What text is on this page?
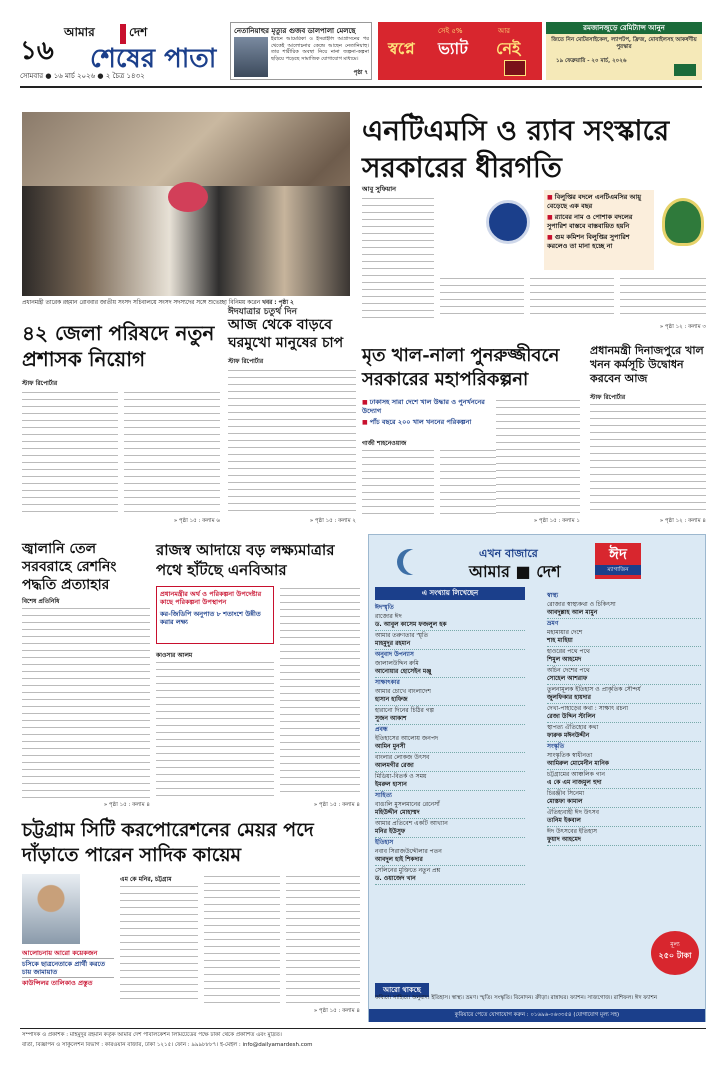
১৬
আমার	দেশ
শেষের পাতা
সোমবার ● ১৬ মার্চ ২০২৬ ● ২ চৈত্র ১৪৩২
নেতানিয়াহুর মৃত্যুর গুজব ডালপালা মেলছে
ইরানে আমেরিকা ও ইসরাইলি আগ্রাসনের পর থেকেই আলোচনার কেন্দ্রে আছেন নেতানিয়াহু। তার শারীরিক অবস্থা নিয়ে নানা জল্পনা-কল্পনা ছড়িয়ে পড়েছে সামাজিক যোগাযোগ মাধ্যমে।
পৃষ্ঠা ৭
সেই ৫%	আর
স্বপ্নে ভ্যাট নেই
রমজানজুড়ে রেমিট্যান্স আনুন
জিতে নিন মোটরসাইকেল, ল্যাপটপ, ফ্রিজ, মোবাইলসহ আকর্ষণীয় পুরস্কার
১৯ ফেব্রুয়ারি - ২০ মার্চ, ২০২৬
প্রধানমন্ত্রী তারেক রহমান রোববার জাতীয় সংসদ সচিবালয়ে সংসদ সদস্যদের সঙ্গে শুভেচ্ছা বিনিময় করেন খবর : পৃষ্ঠা ২
এনটিএমসি ও র‍্যাব সংস্কারে সরকারের ধীরগতি
আবু সুফিয়ান
■ বিলুপ্তির বদলে এনটিএমসির আয়ু বেড়েছে এক বছর
■ র‍্যাবের নাম ও পোশাক বদলের সুপারিশ বাস্তবে বাস্তবায়িত হয়নি
■ গুম কমিশন বিলুপ্তির সুপারিশ করলেও তা মানা হচ্ছে না
» পৃষ্ঠা ১২ : কলাম ৩
৪২ জেলা পরিষদে নতুন প্রশাসক নিয়োগ
স্টাফ রিপোর্টার
» পৃষ্ঠা ১৫ : কলাম ৬
ঈদযাত্রার চতুর্থ দিন
আজ থেকে বাড়বে ঘরমুখো মানুষের চাপ
স্টাফ রিপোর্টার
» পৃষ্ঠা ১৫ : কলাম ২
মৃত খাল-নালা পুনরুজ্জীবনে সরকারের মহাপরিকল্পনা
■ ঢাকাসহ সারা দেশে খাল উদ্ধার ও পুনর্খননের উদ্যোগ
■ পাঁচ বছরে ২০০ খাল খননের পরিকল্পনা
গাজী শাহনেওয়াজ
» পৃষ্ঠা ১৫ : কলাম ১
প্রধানমন্ত্রী দিনাজপুরে খাল খনন কর্মসূচি উদ্বোধন করবেন আজ
স্টাফ রিপোর্টার
» পৃষ্ঠা ১২ : কলাম ৪
জ্বালানি তেল সরবরাহে রেশনিং পদ্ধতি প্রত্যাহার
বিশেষ প্রতিনিধি
» পৃষ্ঠা ১৫ : কলাম ৪
রাজস্ব আদায়ে বড় লক্ষ্যমাত্রার পথে হাঁটছে এনবিআর
প্রধানমন্ত্রীর অর্থ ও পরিকল্পনা উপদেষ্টার কাছে পরিকল্পনা উপস্থাপন
কর-জিডিপি অনুপাত ৮ শতাংশে উন্নীত করার লক্ষ্য
কাওসার আলম
» পৃষ্ঠা ১৫ : কলাম ৪
চট্টগ্রাম সিটি করপোরেশনের মেয়র পদে দাঁড়াতে পারেন সাদিক কায়েম
আলোচনায় আরো কয়েকজন
চসিকে ছাত্রনেতাকে প্রার্থী করতে চায় জামায়াত
কাউন্সিলর তালিকাও প্রস্তুত
এম কে মনির, চট্টগ্রাম
» পৃষ্ঠা ১৫ : কলাম ৪
এখন বাজারে
আমার ■ দেশ
ঈদ
ম্যাগাজিন
এ সংখ্যায় লিখেছেন
ঈদস্মৃতি
রাজ্যের ঈদ
ড. আবুল কাসেম ফজলুল হক
আমার তরুণতার স্মৃতি
মাহমুদুর রহমান
অনুবাদ উপন্যাস
জালালউদ্দিন রুমি
আনোয়ার হোসেইন মঞ্জু
সাক্ষাৎকার
আমার চোখে বাংলাদেশ
হাসান হাফিজ
হারানো দিনের চিঠির গল্প
সুজন আকাশ
প্রবন্ধ
ইতিহাসের আলোয় জনপদ
আমিন মুনসী
বাংলার লোকজ উৎসব
আলমগীর রেজা
মিডিয়া-বিতর্ক ও সময়
ইমরুল হাসান
সাহিত্য
বাঙালি মুসলমানের রেনেসাঁ
মহিউদ্দীন মোহাম্মদ
আমার প্রতিবেশ একটি আখ্যান
মনির ইউসুফ
ইতিহাস
নবাব সিরাজউদ্দৌলার পতন
আবদুল হাই শিকদার
সেলিনের মুক্তিতে নতুন প্রশ্ন
ড. ওয়াজেদ খান
স্বাস্থ্য
রোজার স্বাস্থ্যকথা ও চিকিৎসা
আবদুল্লাহ আল মামুন
ভ্রমণ
মহামায়ার দেশে
শাহ মাহিয়া
হাওরের পথে পথে
শিমুল আহমেদ
অচিন দেশের পথে
সোহেল আশরাফ
তুলনামূলক ইতিহাস ও প্রাকৃতিক সৌন্দর্য
জুলফিকার হায়দার
দেখা-পাহাড়ের কথা : সাক্ষাৎ রচনা
রেজা উদ্দিন স্টালিন
স্থাপত্য ঐতিহ্যের কথা
ফারুক মঈনউদ্দীন
সংস্কৃতি
সাংস্কৃতিক স্বাধীনতা
আমিরুল মোমেনীন মানিক
চট্টগ্রামের আঞ্চলিক গান
এ কে এম নাজমুল হুদা
চিরঞ্জীব সিনেমা
মোস্তফা কামাল
ঐতিহ্যবাহী ঈদ উৎসব
তানিম ইকবাল
ঈদ উৎসবের ইতিহাস
ফুয়াদ আহমেদ
মূল্য
২৫০ টাকা
আরো থাকছে
কবিতা। সাহিত্য। অনুবাদ। ইতিহাস। স্বাস্থ্য। ভ্রমণ। স্মৃতি। সংস্কৃতি। বিনোদন। ক্রীড়া। রান্নাঘর। ফ্যাশন। সাজগোজ। রাশিফল। ঈদ ফ্যাশন
কুরিয়ারে পেতে যোগাযোগ করুন : ০১৬৯৬-০৬৩৩৫৪ (যোগাযোগ মূল্য সহ)
সম্পাদক ও প্রকাশক : মাহমুদুর রহমান কর্তৃক আমার দেশ পাবলিকেশন লিমিটেডের পক্ষে ঢাকা থেকে প্রকাশিত এবং মুদ্রিত।
বার্তা, বিজ্ঞাপন ও সার্কুলেশন বিভাগ : কারওয়ান বাজার, ঢাকা ১২১৫। ফোন : ৯৯৯৮৮৮৭। ই-মেইল : info@dailyamardesh.com
